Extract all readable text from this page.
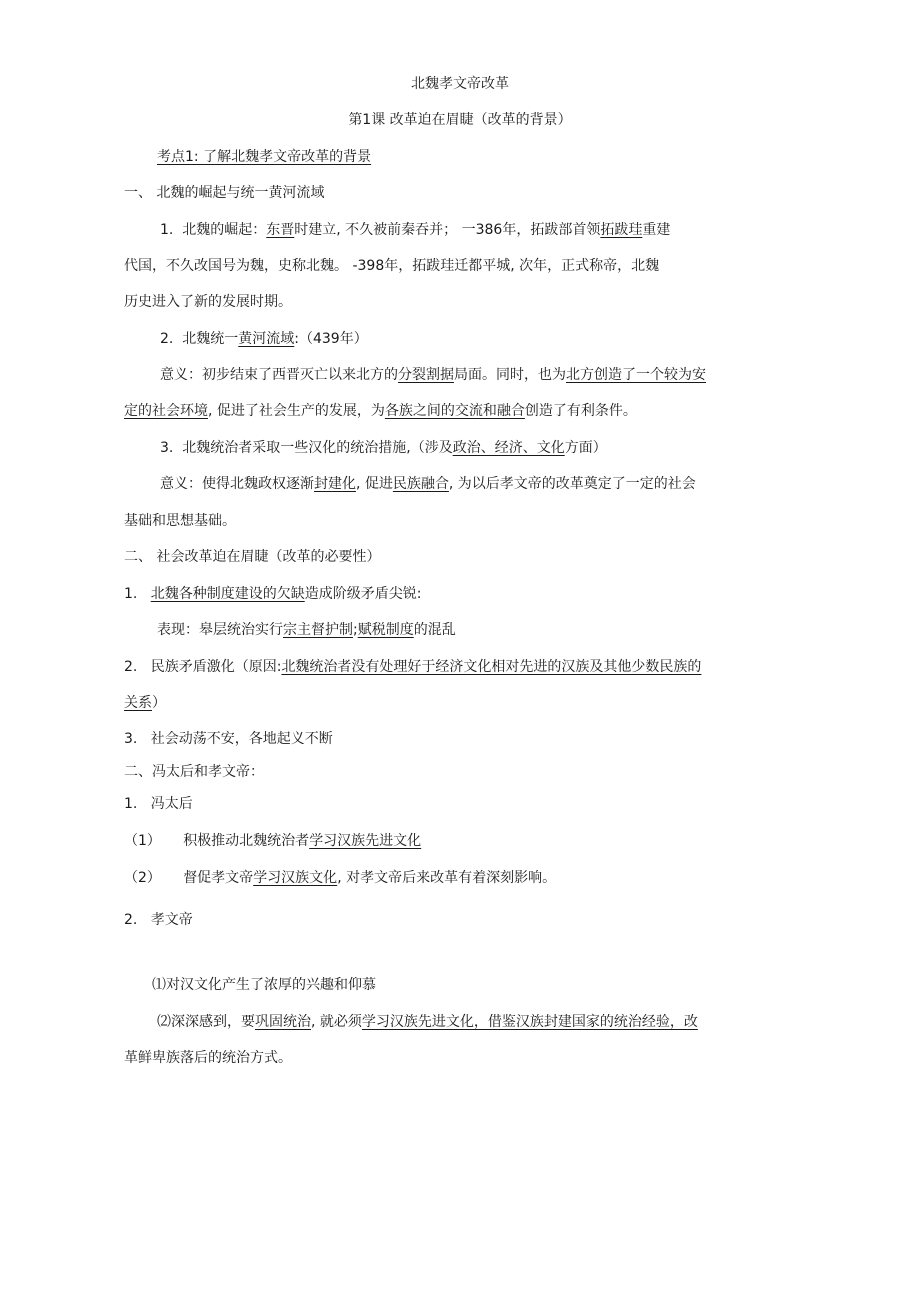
北魏孝文帝改革
第1课 改革迫在眉睫（改革的背景）
考点1: 了解北魏孝文帝改革的背景
一、 北魏的崛起与统一黄河流域
1. 北魏的崛起：东晋时建立, 不久被前秦吞并； 一386年，拓跋部首领拓跋珪重建
代国，不久改国号为魏，史称北魏。 -398年，拓跋珪迁都平城, 次年，正式称帝，北魏
历史进入了新的发展时期。
2. 北魏统一黄河流域:（439年）
意义：初步结束了西晋灭亡以来北方的分裂割据局面。同时，也为北方创造了一个较为安
定的社会环境, 促进了社会生产的发展，为各族之间的交流和融合创造了有利条件。
3. 北魏统治者采取一些汉化的统治措施,（涉及政治、经济、文化方面）
意义：使得北魏政权逐渐封建化, 促进民族融合, 为以后孝文帝的改革奠定了一定的社会
基础和思想基础。
二、 社会改革迫在眉睫（改革的必要性）
1. 北魏各种制度建设的欠缺造成阶级矛盾尖锐:
表现：皋层统治实行宗主督护制;赋税制度的混乱
2. 民族矛盾激化（原因:北魏统治者没有处理好于经济文化相对先进的汉族及其他少数民族的
关系）
3. 社会动荡不安，各地起义不断
二、冯太后和孝文帝：
1. 冯太后
（1） 积极推动北魏统治者学习汉族先进文化
（2） 督促孝文帝学习汉族文化, 对孝文帝后来改革有着深刻影响。
2. 孝文帝
⑴对汉文化产生了浓厚的兴趣和仰慕
⑵深深感到，要巩固统治, 就必须学习汉族先进文化，借鉴汉族封建国家的统治经验，改
革鲜卑族落后的统治方式。
